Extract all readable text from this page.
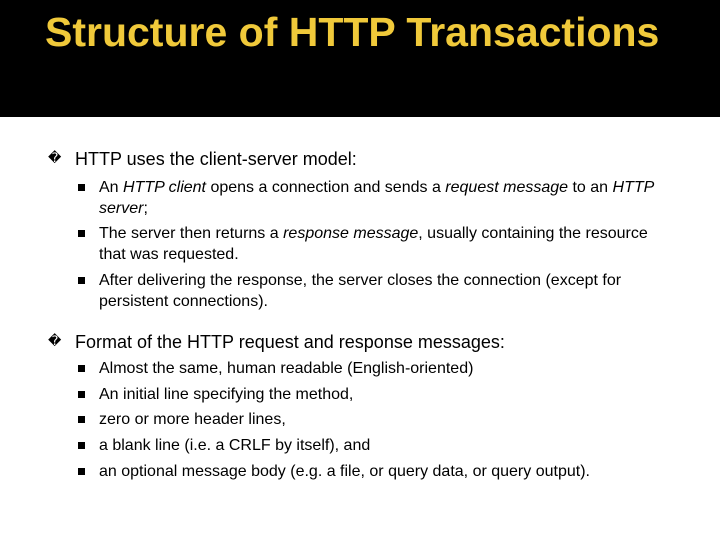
Structure of HTTP Transactions
� HTTP uses the client-server model:
An HTTP client opens a connection and sends a request message to an HTTP server;
The server then returns a response message, usually containing the resource that was requested.
After delivering the response, the server closes the connection (except for persistent connections).
� Format of the HTTP request and response messages:
Almost the same, human readable (English-oriented)
An initial line specifying the method,
zero or more header lines,
a blank line (i.e. a CRLF by itself), and
an optional message body (e.g. a file, or query data, or query output).
